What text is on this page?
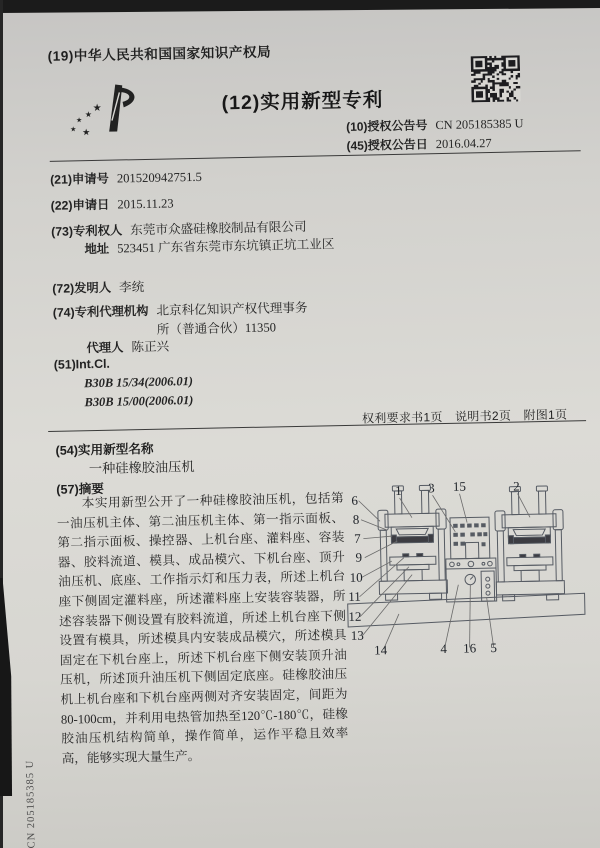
(19)中华人民共和国国家知识产权局
★
★
★
★ ★
(12)实用新型专利
(10)授权公告号 CN 205185385 U
(45)授权公告日 2016.04.27
(21)申请号 201520942751.5
(22)申请日 2015.11.23
(73)专利权人 东莞市众盛硅橡胶制品有限公司
地址 523451 广东省东莞市东坑镇正坑工业区
(72)发明人 李统
(74)专利代理机构 北京科亿知识产权代理事务所（普通合伙）11350
代理人 陈正兴
(51)Int.Cl.
B30B 15/34(2006.01)
B30B 15/00(2006.01)
权利要求书1页　说明书2页　附图1页
(54)实用新型名称
一种硅橡胶油压机
(57)摘要
本实用新型公开了一种硅橡胶油压机，包括第一油压机主体、第二油压机主体、第一指示面板、第二指示面板、操控器、上机台座、灌料座、容装器、胶料流道、模具、成品模穴、下机台座、顶升油压机、底座、工作指示灯和压力表，所述上机台座下侧固定灌料座，所述灌料座上安装容装器，所述容装器下侧设置有胶料流道，所述上机台座下侧设置有模具，所述模具内安装成品模穴，所述模具固定在下机台座上，所述下机台座下侧安装顶升油压机，所述顶升油压机下侧固定底座。硅橡胶油压机上机台座和下机台座两侧对齐安装固定，间距为80-100cm，并利用电热管加热至120℃-180℃，硅橡胶油压机结构简单，操作简单，运作平稳且效率高，能够实现大量生产。
6
1 3 15	2
8
7
9
10
11
12
13
14	4 16 5
CN 205185385 U
